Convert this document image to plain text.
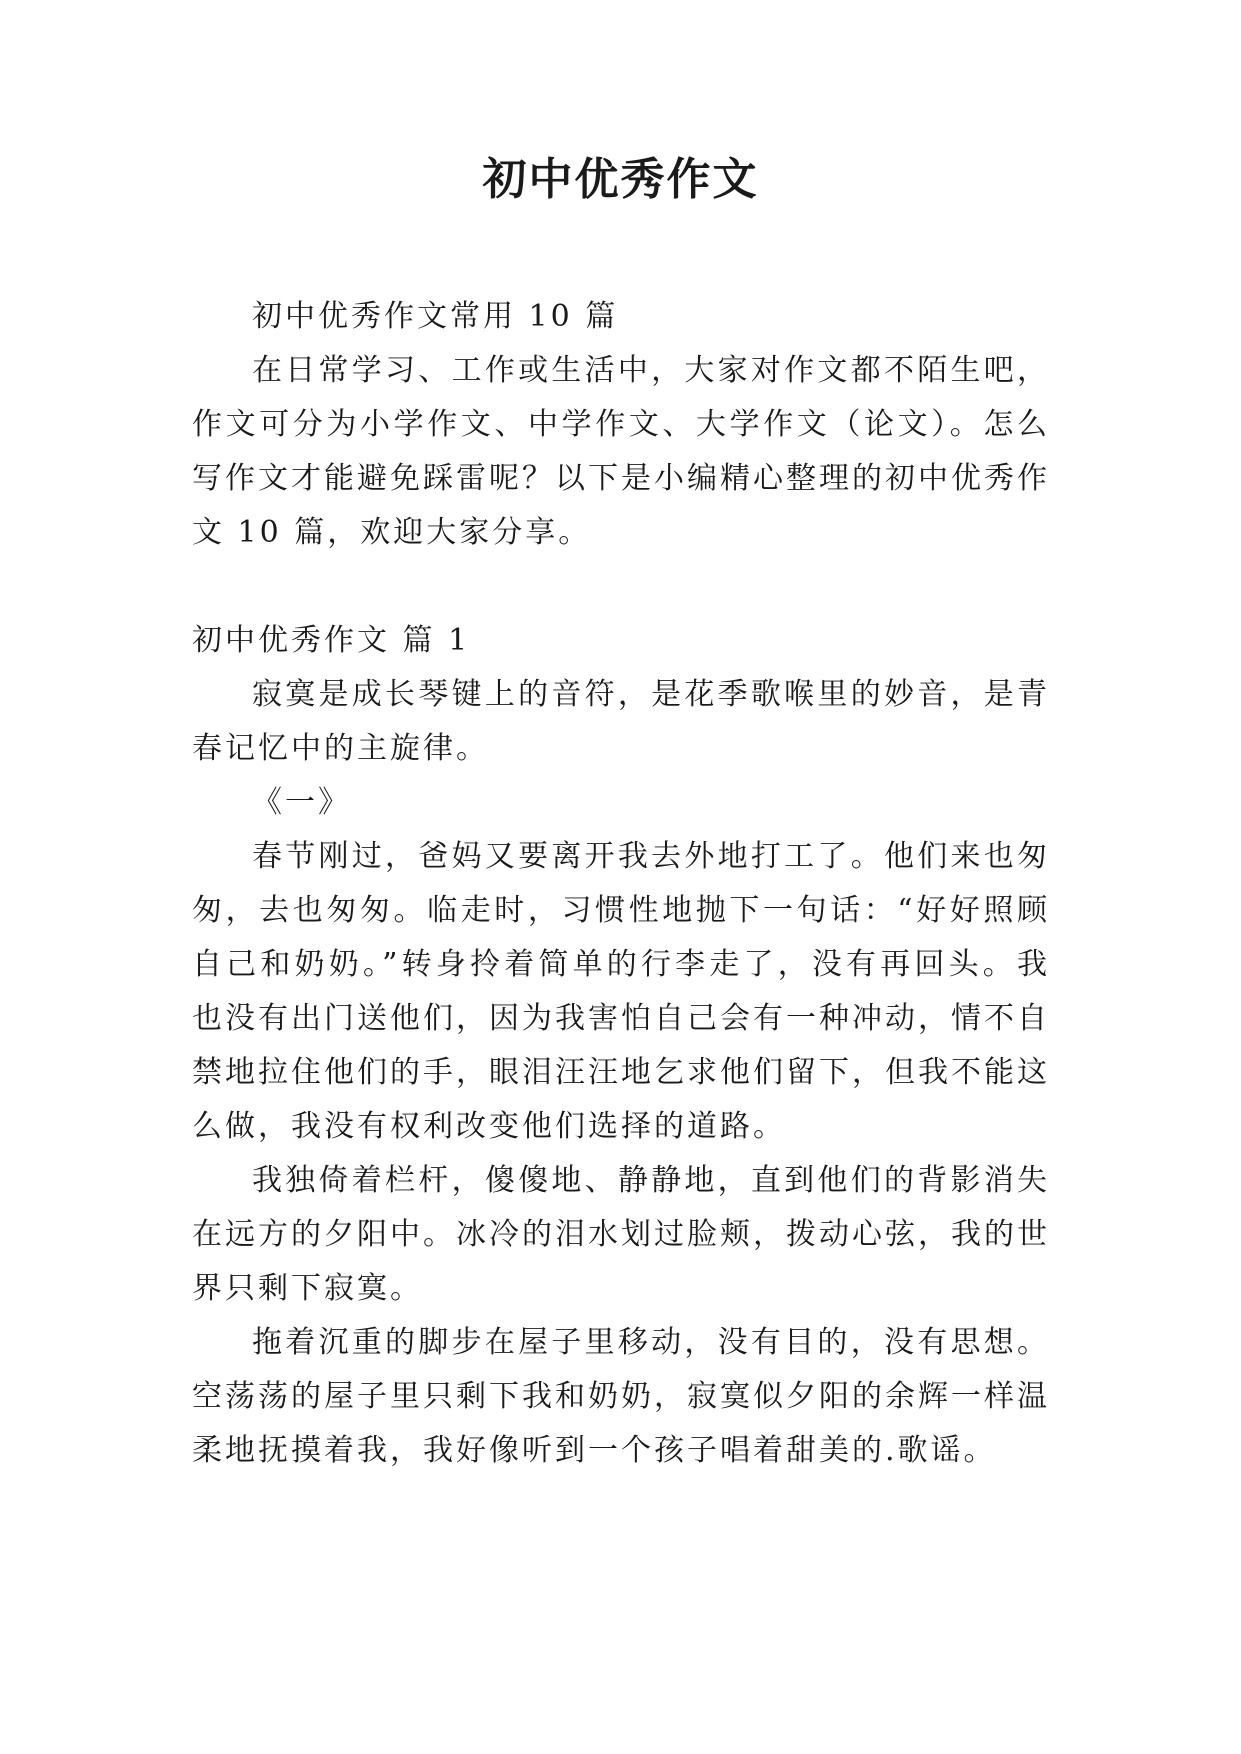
初中优秀作文

初中优秀作文常用 10 篇

在日常学习、工作或生活中，大家对作文都不陌生吧，作文可分为小学作文、中学作文、大学作文（论文）。怎么写作文才能避免踩雷呢？以下是小编精心整理的初中优秀作文 10 篇，欢迎大家分享。

初中优秀作文 篇 1

寂寞是成长琴键上的音符，是花季歌喉里的妙音，是青春记忆中的主旋律。

《一》

春节刚过，爸妈又要离开我去外地打工了。他们来也匆匆，去也匆匆。临走时，习惯性地抛下一句话：“好好照顾自己和奶奶。”转身拎着简单的行李走了，没有再回头。我也没有出门送他们，因为我害怕自己会有一种冲动，情不自禁地拉住他们的手，眼泪汪汪地乞求他们留下，但我不能这么做，我没有权利改变他们选择的道路。

我独倚着栏杆，傻傻地、静静地，直到他们的背影消失在远方的夕阳中。冰冷的泪水划过脸颊，拨动心弦，我的世界只剩下寂寞。

拖着沉重的脚步在屋子里移动，没有目的，没有思想。空荡荡的屋子里只剩下我和奶奶，寂寞似夕阳的余辉一样温柔地抚摸着我，我好像听到一个孩子唱着甜美的.歌谣。
